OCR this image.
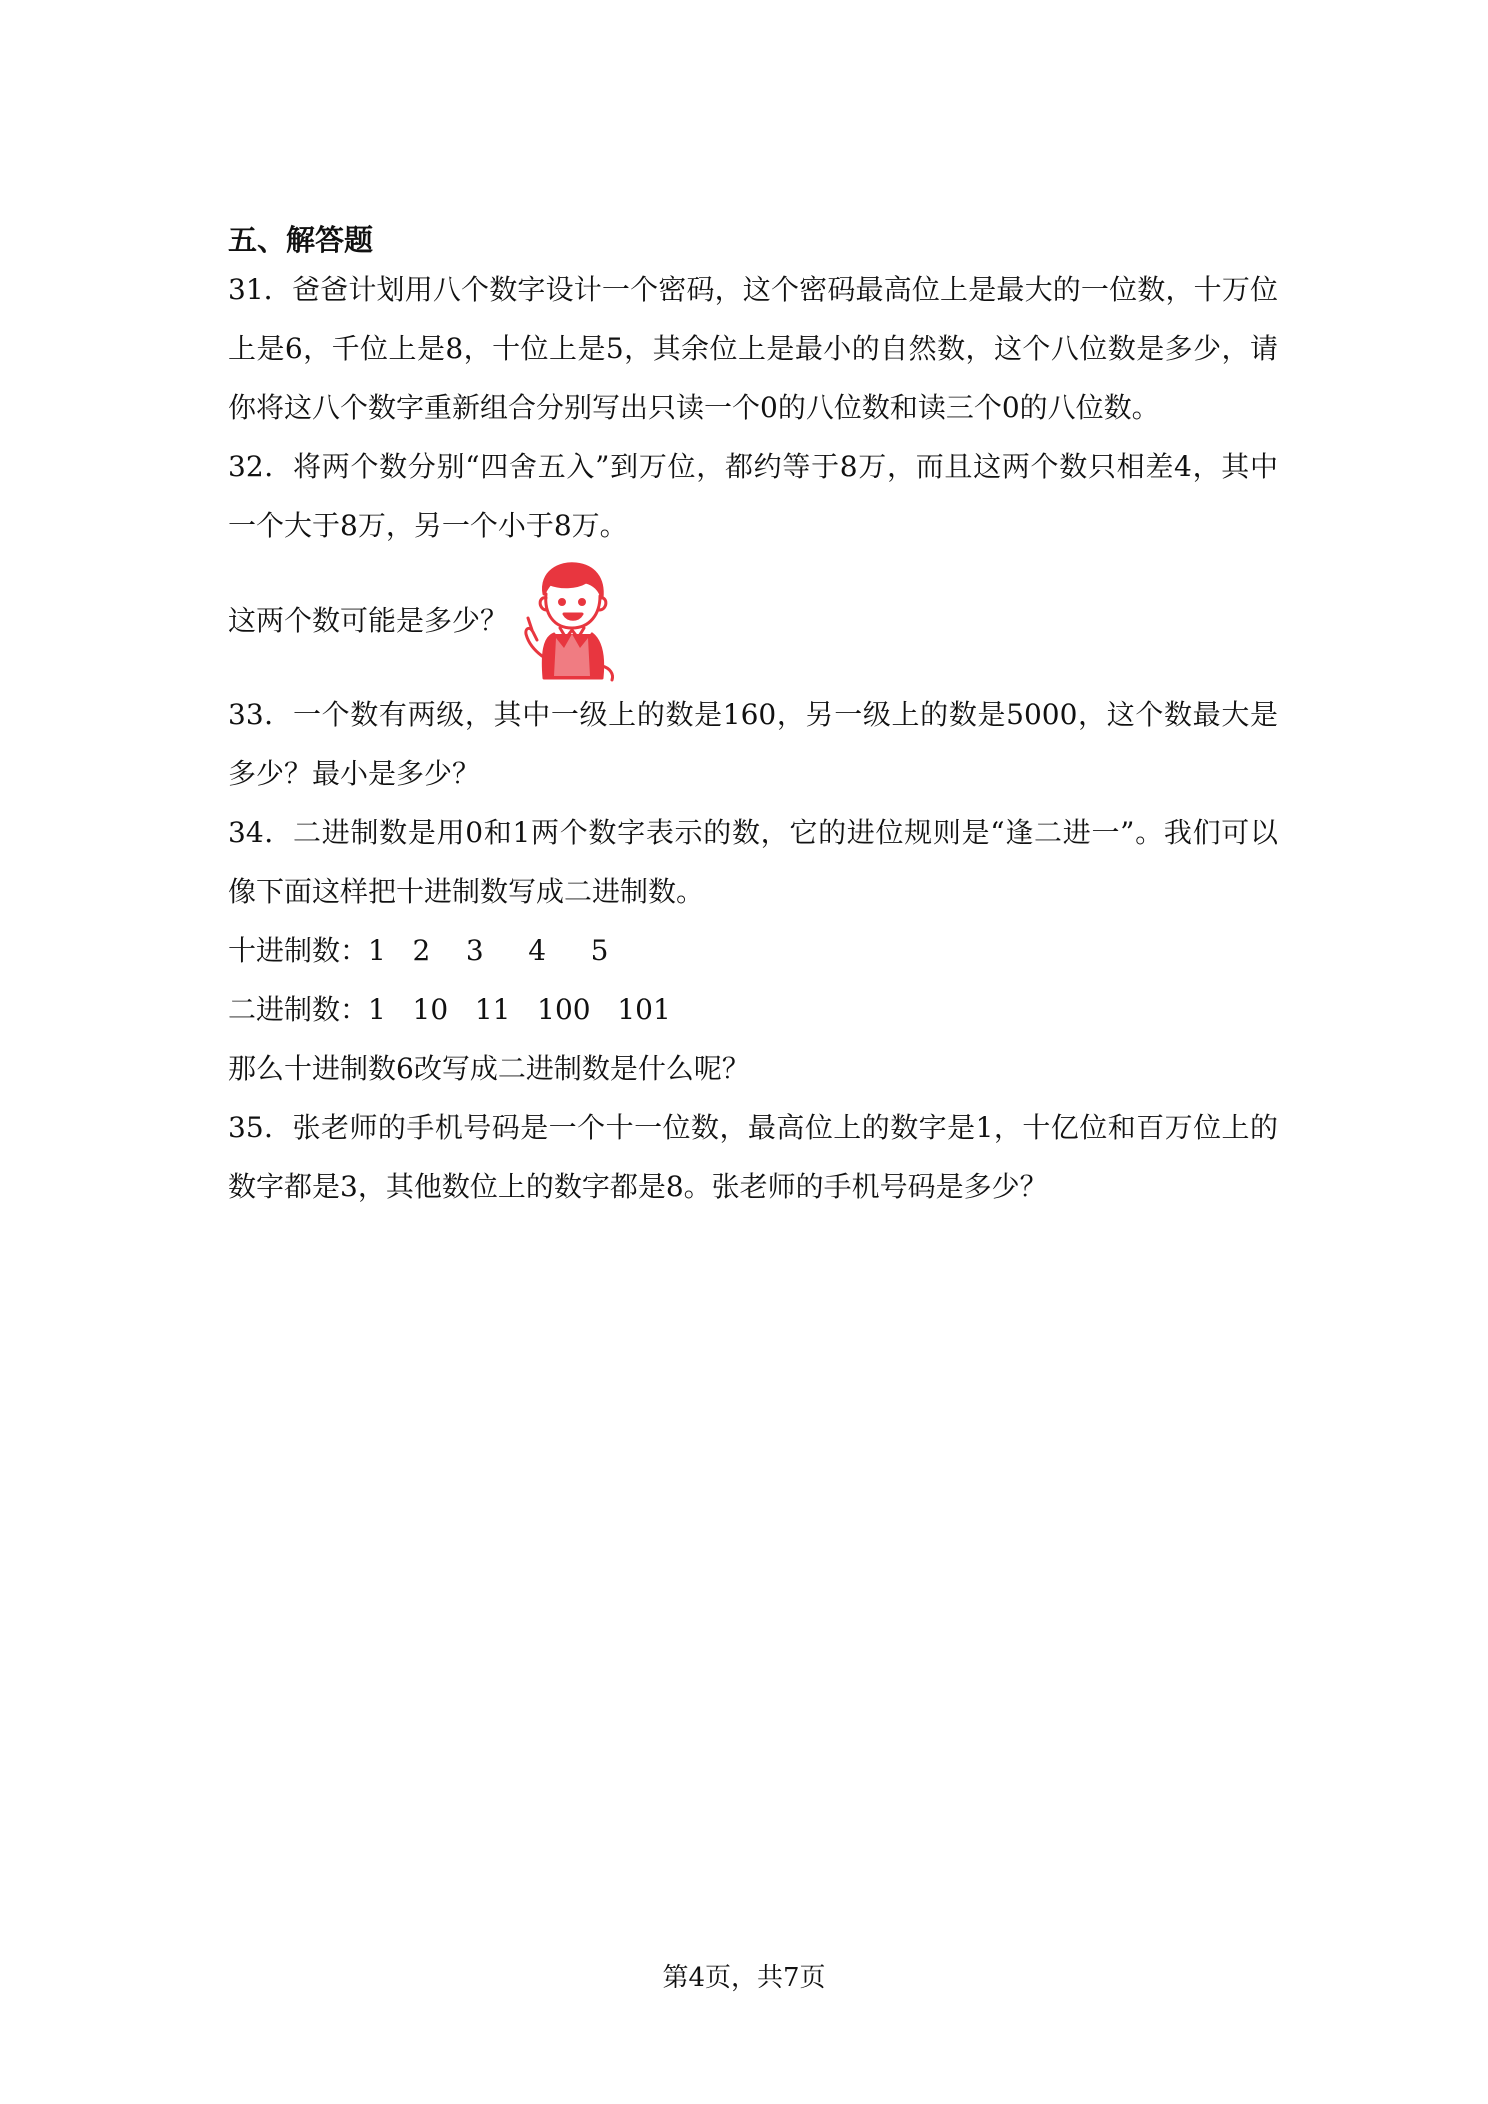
五、解答题

31．爸爸计划用八个数字设计一个密码，这个密码最高位上是最大的一位数，十万位上是6，千位上是8，十位上是5，其余位上是最小的自然数，这个八位数是多少，请你将这八个数字重新组合分别写出只读一个0的八位数和读三个0的八位数。

32．将两个数分别“四舍五入”到万位，都约等于8万，而且这两个数只相差4，其中一个大于8万，另一个小于8万。

这两个数可能是多少？

33．一个数有两级，其中一级上的数是160，另一级上的数是5000，这个数最大是多少？最小是多少？

34．二进制数是用0和1两个数字表示的数，它的进位规则是“逢二进一”。我们可以像下面这样把十进制数写成二进制数。

十进制数：1   2    3     4     5

二进制数：1   10   11   100   101

那么十进制数6改写成二进制数是什么呢？

35．张老师的手机号码是一个十一位数，最高位上的数字是1，十亿位和百万位上的数字都是3，其他数位上的数字都是8。张老师的手机号码是多少？

第4页，共7页
